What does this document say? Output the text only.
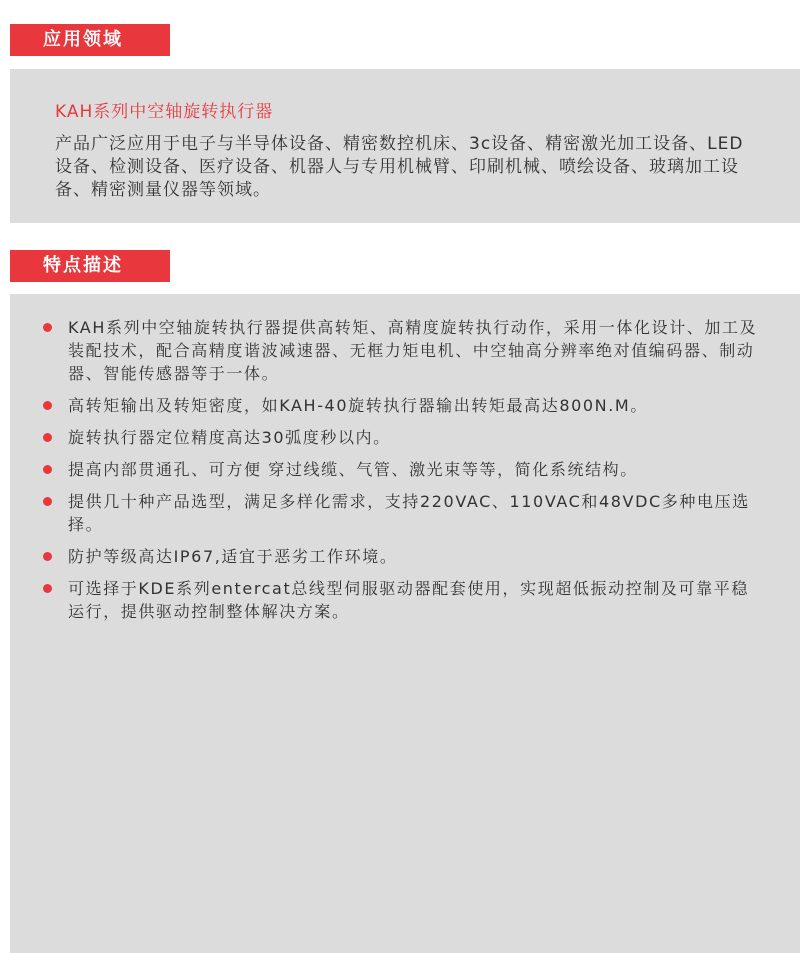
应用领域
KAH系列中空轴旋转执行器

产品广泛应用于电子与半导体设备、精密数控机床、3c设备、精密激光加工设备、LED设备、检测设备、医疗设备、机器人与专用机械臂、印刷机械、喷绘设备、玻璃加工设备、精密测量仪器等领域。

特点描述
KAH系列中空轴旋转执行器提供高转矩、高精度旋转执行动作，采用一体化设计、加工及装配技术，配合高精度谐波减速器、无框力矩电机、中空轴高分辨率绝对值编码器、制动器、智能传感器等于一体。
高转矩输出及转矩密度，如KAH-40旋转执行器输出转矩最高达800N.M。
旋转执行器定位精度高达30弧度秒以内。
提高内部贯通孔、可方便 穿过线缆、气管、激光束等等，简化系统结构。
提供几十种产品选型，满足多样化需求，支持220VAC、110VAC和48VDC多种电压选择。
防护等级高达IP67,适宜于恶劣工作环境。
可选择于KDE系列entercat总线型伺服驱动器配套使用，实现超低振动控制及可靠平稳运行，提供驱动控制整体解决方案。
